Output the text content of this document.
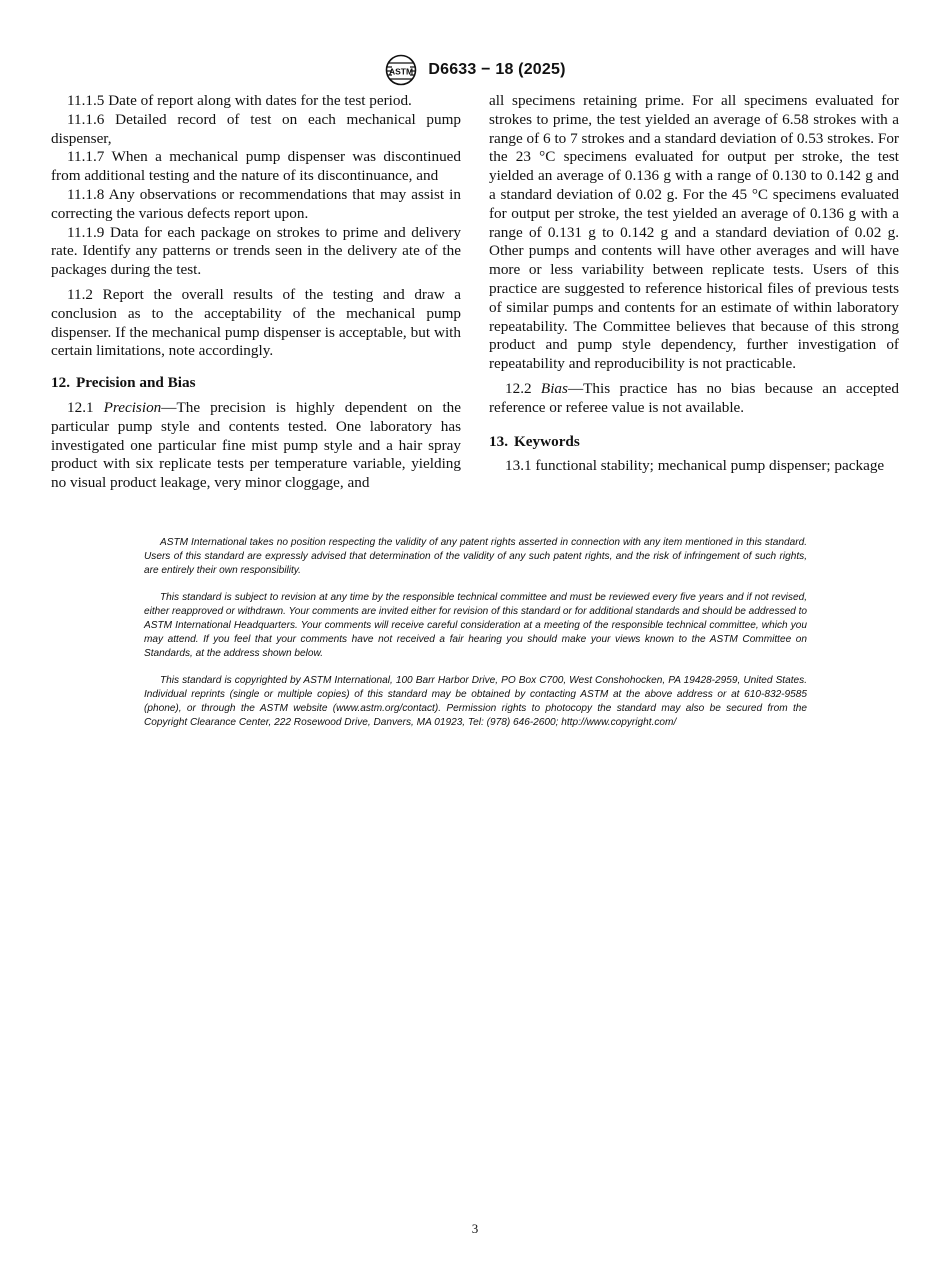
ASTM D6633 − 18 (2025)

11.1.5 Date of report along with dates for the test period.

11.1.6 Detailed record of test on each mechanical pump dispenser,

11.1.7 When a mechanical pump dispenser was discontinued from additional testing and the nature of its discontinuance, and

11.1.8 Any observations or recommendations that may assist in correcting the various defects report upon.

11.1.9 Data for each package on strokes to prime and delivery rate. Identify any patterns or trends seen in the delivery ate of the packages during the test.

11.2 Report the overall results of the testing and draw a conclusion as to the acceptability of the mechanical pump dispenser. If the mechanical pump dispenser is acceptable, but with certain limitations, note accordingly.

12. Precision and Bias

12.1 Precision—The precision is highly dependent on the particular pump style and contents tested. One laboratory has investigated one particular fine mist pump style and a hair spray product with six replicate tests per temperature variable, yielding no visual product leakage, very minor cloggage, and

all specimens retaining prime. For all specimens evaluated for strokes to prime, the test yielded an average of 6.58 strokes with a range of 6 to 7 strokes and a standard deviation of 0.53 strokes. For the 23 °C specimens evaluated for output per stroke, the test yielded an average of 0.136 g with a range of 0.130 to 0.142 g and a standard deviation of 0.02 g. For the 45 °C specimens evaluated for output per stroke, the test yielded an average of 0.136 g with a range of 0.131 g to 0.142 g and a standard deviation of 0.02 g. Other pumps and contents will have other averages and will have more or less variability between replicate tests. Users of this practice are suggested to reference historical files of previous tests of similar pumps and contents for an estimate of within laboratory repeatability. The Committee believes that because of this strong product and pump style dependency, further investigation of repeatability and reproducibility is not practicable.

12.2 Bias—This practice has no bias because an accepted reference or referee value is not available.

13. Keywords

13.1 functional stability; mechanical pump dispenser; package

ASTM International takes no position respecting the validity of any patent rights asserted in connection with any item mentioned in this standard. Users of this standard are expressly advised that determination of the validity of any such patent rights, and the risk of infringement of such rights, are entirely their own responsibility.

This standard is subject to revision at any time by the responsible technical committee and must be reviewed every five years and if not revised, either reapproved or withdrawn. Your comments are invited either for revision of this standard or for additional standards and should be addressed to ASTM International Headquarters. Your comments will receive careful consideration at a meeting of the responsible technical committee, which you may attend. If you feel that your comments have not received a fair hearing you should make your views known to the ASTM Committee on Standards, at the address shown below.

This standard is copyrighted by ASTM International, 100 Barr Harbor Drive, PO Box C700, West Conshohocken, PA 19428-2959, United States. Individual reprints (single or multiple copies) of this standard may be obtained by contacting ASTM at the above address or at 610-832-9585 (phone), or through the ASTM website (www.astm.org/contact). Permission rights to photocopy the standard may also be secured from the Copyright Clearance Center, 222 Rosewood Drive, Danvers, MA 01923, Tel: (978) 646-2600; http://www.copyright.com/

3
